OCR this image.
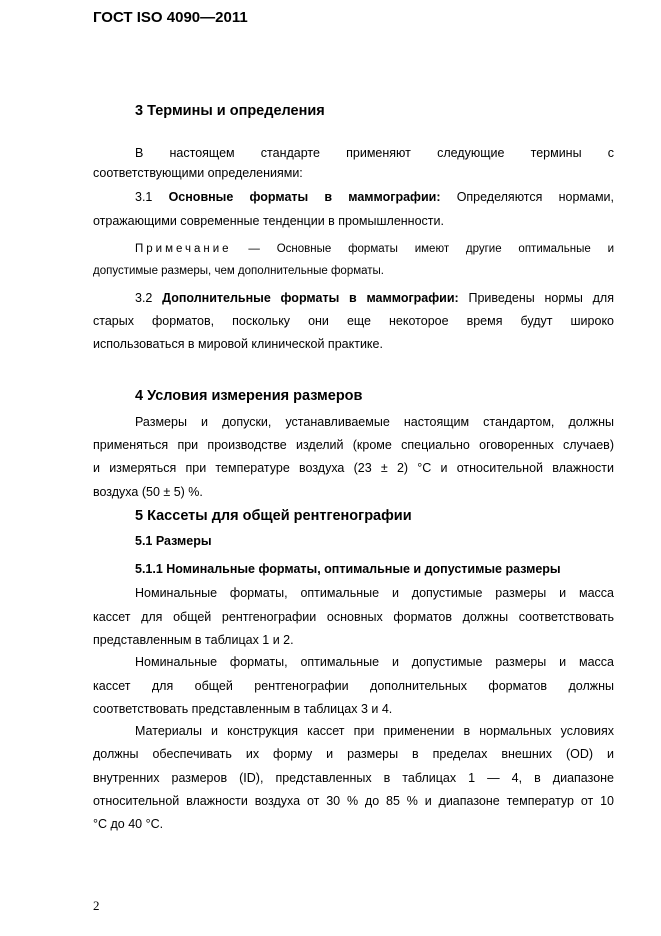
ГОСТ ISO 4090—2011
3 Термины и определения
В настоящем стандарте применяют следующие термины с
соответствующими определениями:
3.1 Основные форматы в маммографии: Определяются нормами,
отражающими современные тенденции в промышленности.
Примечание — Основные форматы имеют другие оптимальные и
допустимые размеры, чем дополнительные форматы.
3.2 Дополнительные форматы в маммографии: Приведены нормы для
старых форматов, поскольку они еще некоторое время будут широко
использоваться в мировой клинической практике.
4 Условия измерения размеров
Размеры и допуски, устанавливаемые настоящим стандартом, должны
применяться при производстве изделий (кроме специально оговоренных случаев)
и измеряться при температуре воздуха (23 ± 2) °С и относительной влажности
воздуха (50 ± 5) %.
5 Кассеты для общей рентгенографии
5.1 Размеры
5.1.1 Номинальные форматы, оптимальные и допустимые размеры
Номинальные форматы, оптимальные и допустимые размеры и масса
кассет для общей рентгенографии основных форматов должны соответствовать
представленным в таблицах 1 и 2.
Номинальные форматы, оптимальные и допустимые размеры и масса
кассет для общей рентгенографии дополнительных форматов должны
соответствовать представленным в таблицах 3 и 4.
Материалы и конструкция кассет при применении в нормальных условиях
должны обеспечивать их форму и размеры в пределах внешних (OD) и
внутренних размеров (ID), представленных в таблицах 1 — 4, в диапазоне
относительной влажности воздуха от 30 % до 85 % и диапазоне температур от 10
°С до 40 °С.
2
